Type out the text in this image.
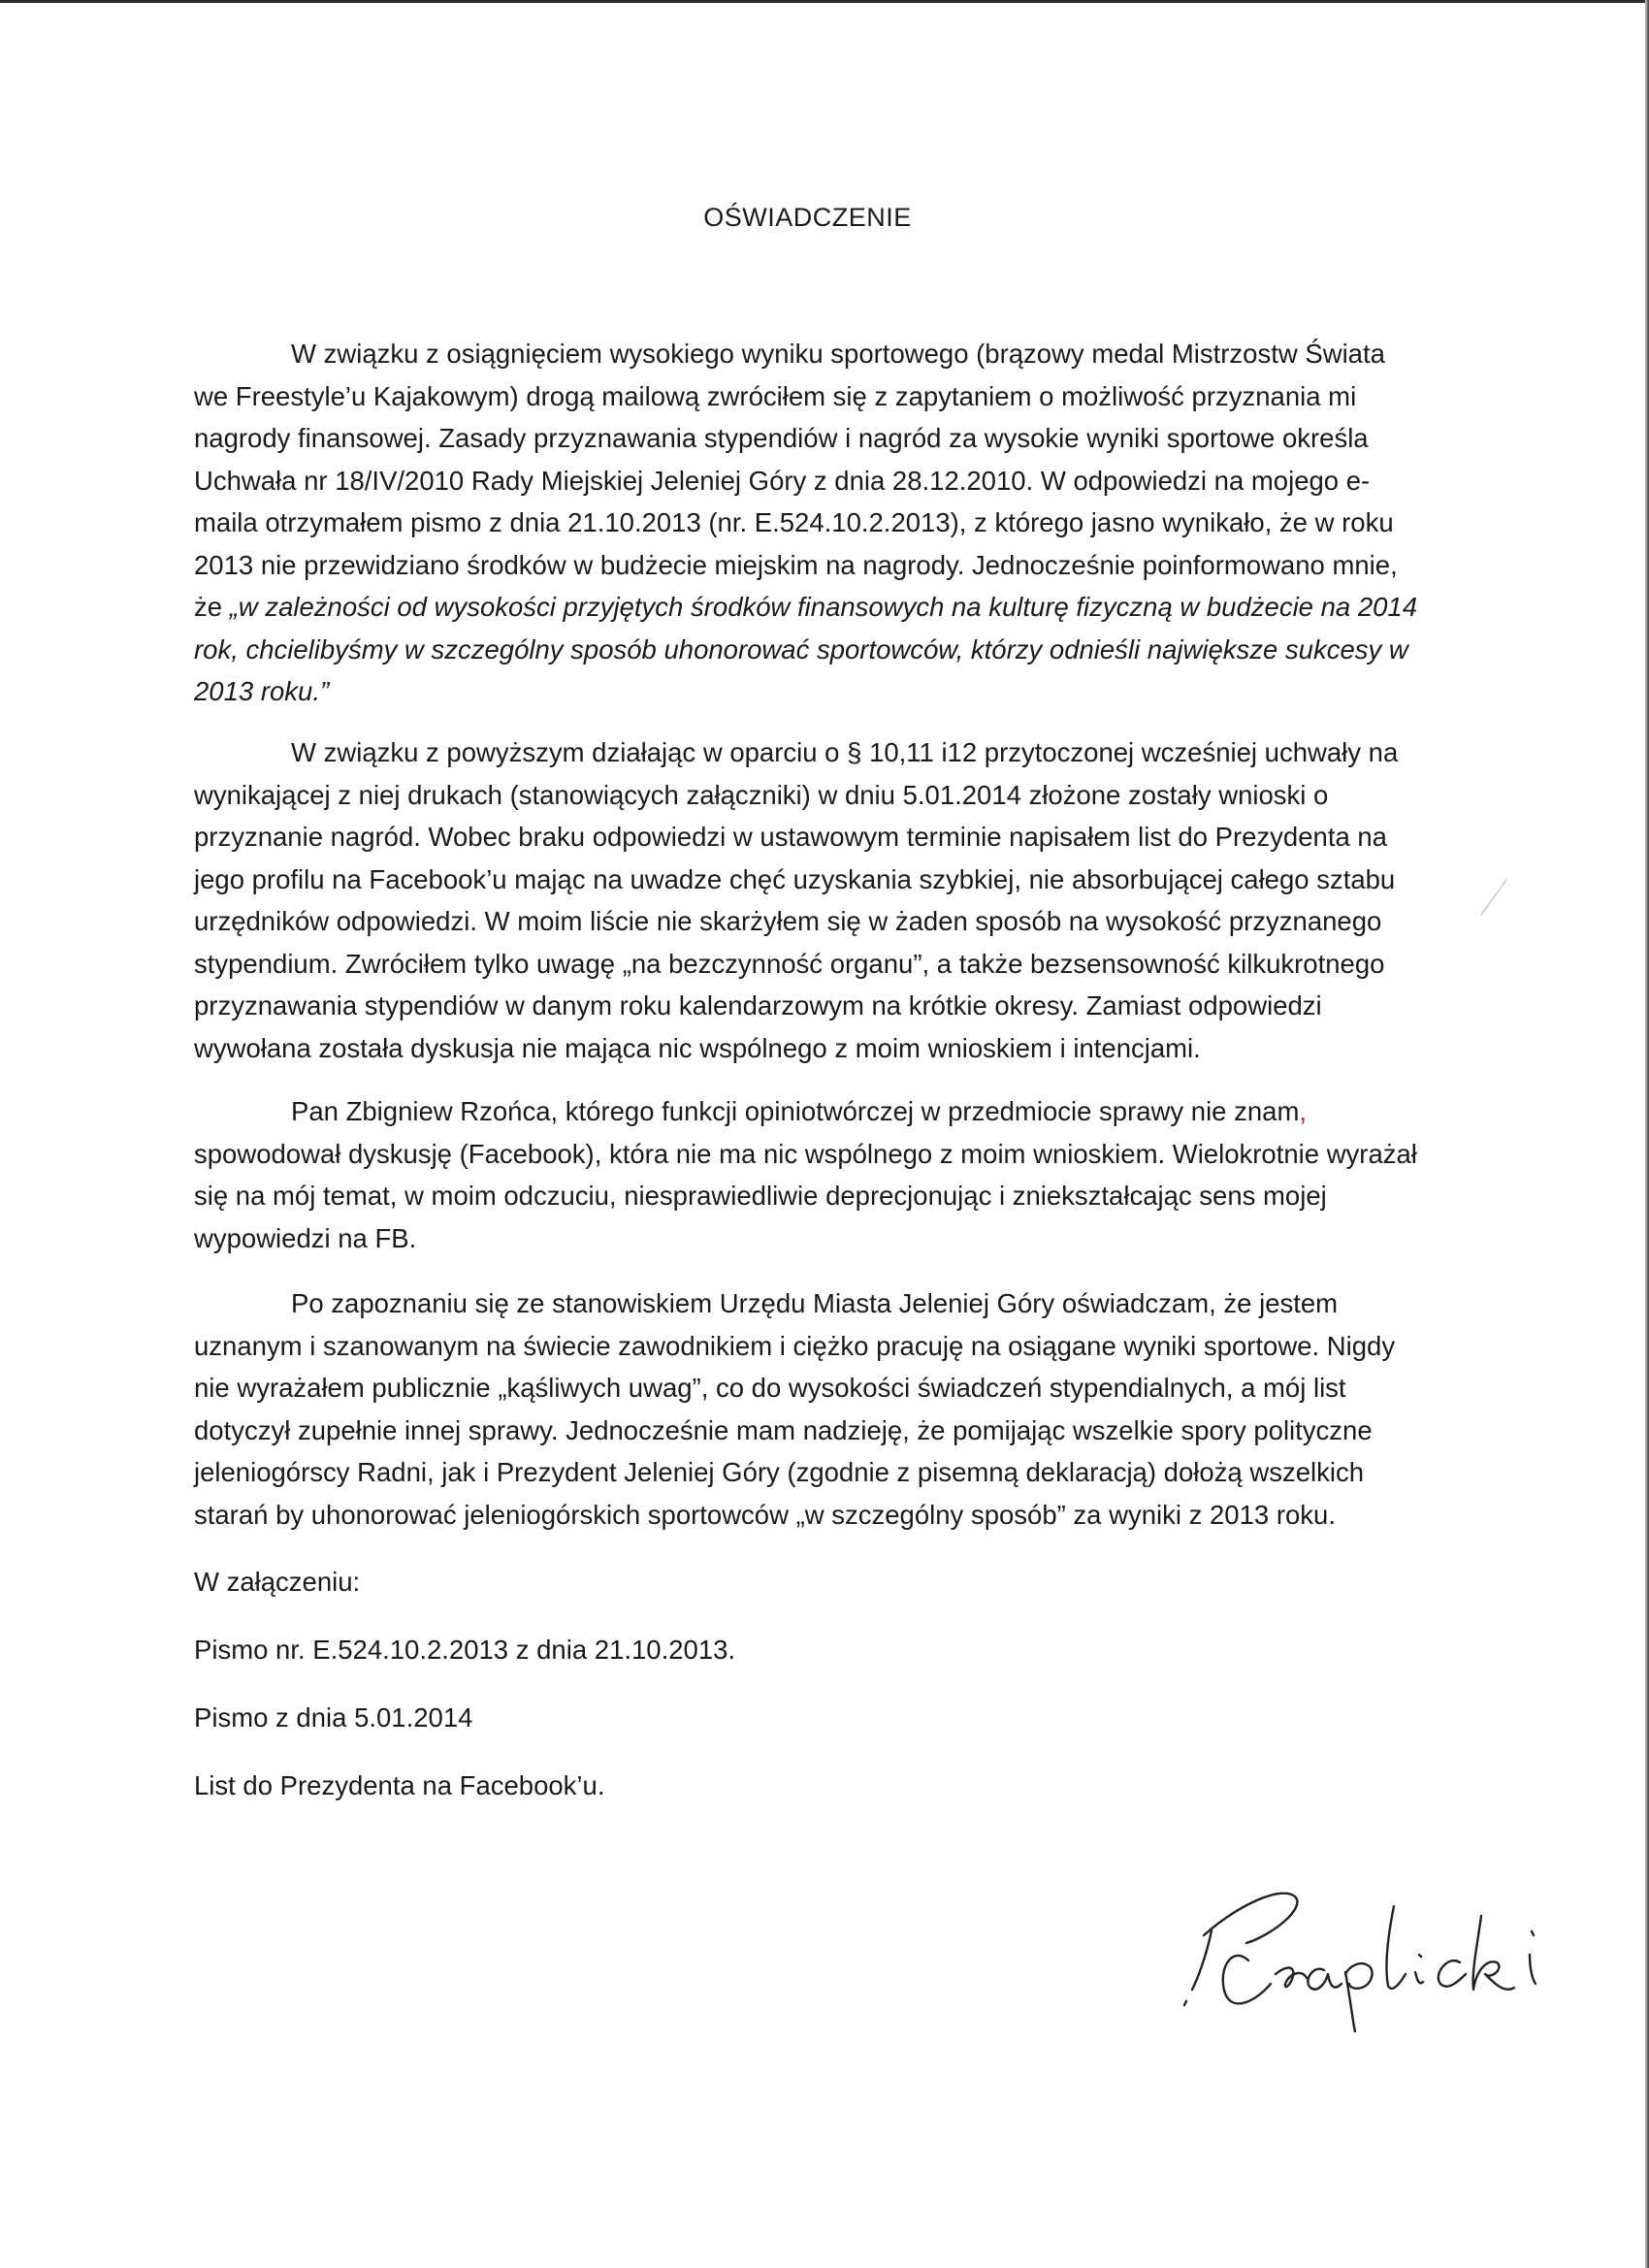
OŚWIADCZENIE

W związku z osiągnięciem wysokiego wyniku sportowego (brązowy medal Mistrzostw Świata we Freestyle’u Kajakowym) drogą mailową zwróciłem się z zapytaniem o możliwość przyznania mi nagrody finansowej. Zasady przyznawania stypendiów i nagród za wysokie wyniki sportowe określa Uchwała nr 18/IV/2010 Rady Miejskiej Jeleniej Góry z dnia 28.12.2010. W odpowiedzi na mojego e-maila otrzymałem pismo z dnia 21.10.2013 (nr. E.524.10.2.2013), z którego jasno wynikało, że w roku 2013 nie przewidziano środków w budżecie miejskim na nagrody. Jednocześnie poinformowano mnie, że „w zależności od wysokości przyjętych środków finansowych na kulturę fizyczną w budżecie na 2014 rok, chcielibyśmy w szczególny sposób uhonorować sportowców, którzy odnieśli największe sukcesy w 2013 roku.”

W związku z powyższym działając w oparciu o § 10,11 i12 przytoczonej wcześniej uchwały na wynikającej z niej drukach (stanowiących załączniki) w dniu 5.01.2014 złożone zostały wnioski o przyznanie nagród. Wobec braku odpowiedzi w ustawowym terminie napisałem list do Prezydenta na jego profilu na Facebook’u mając na uwadze chęć uzyskania szybkiej, nie absorbującej całego sztabu urzędników odpowiedzi. W moim liście nie skarżyłem się w żaden sposób na wysokość przyznanego stypendium. Zwróciłem tylko uwagę „na bezczynność organu”, a także bezsensowność kilkukrotnego przyznawania stypendiów w danym roku kalendarzowym na krótkie okresy. Zamiast odpowiedzi wywołana została dyskusja nie mająca nic wspólnego z moim wnioskiem i intencjami.

Pan Zbigniew Rzońca, którego funkcji opiniotwórczej w przedmiocie sprawy nie znam, spowodował dyskusję (Facebook), która nie ma nic wspólnego z moim wnioskiem. Wielokrotnie wyrażał się na mój temat, w moim odczuciu, niesprawiedliwie deprecjonując i zniekształcając sens mojej wypowiedzi na FB.

Po zapoznaniu się ze stanowiskiem Urzędu Miasta Jeleniej Góry oświadczam, że jestem uznanym i szanowanym na świecie zawodnikiem i ciężko pracuję na osiągane wyniki sportowe. Nigdy nie wyrażałem publicznie „kąśliwych uwag”, co do wysokości świadczeń stypendialnych, a mój list dotyczył zupełnie innej sprawy. Jednocześnie mam nadzieję, że pomijając wszelkie spory polityczne jeleniogórscy Radni, jak i Prezydent Jeleniej Góry (zgodnie z pisemną deklaracją) dołożą wszelkich starań by uhonorować jeleniogórskich sportowców „w szczególny sposób” za wyniki z 2013 roku.

W załączeniu:
Pismo nr. E.524.10.2.2013 z dnia 21.10.2013.
Pismo z dnia 5.01.2014
List do Prezydenta na Facebook’u.
